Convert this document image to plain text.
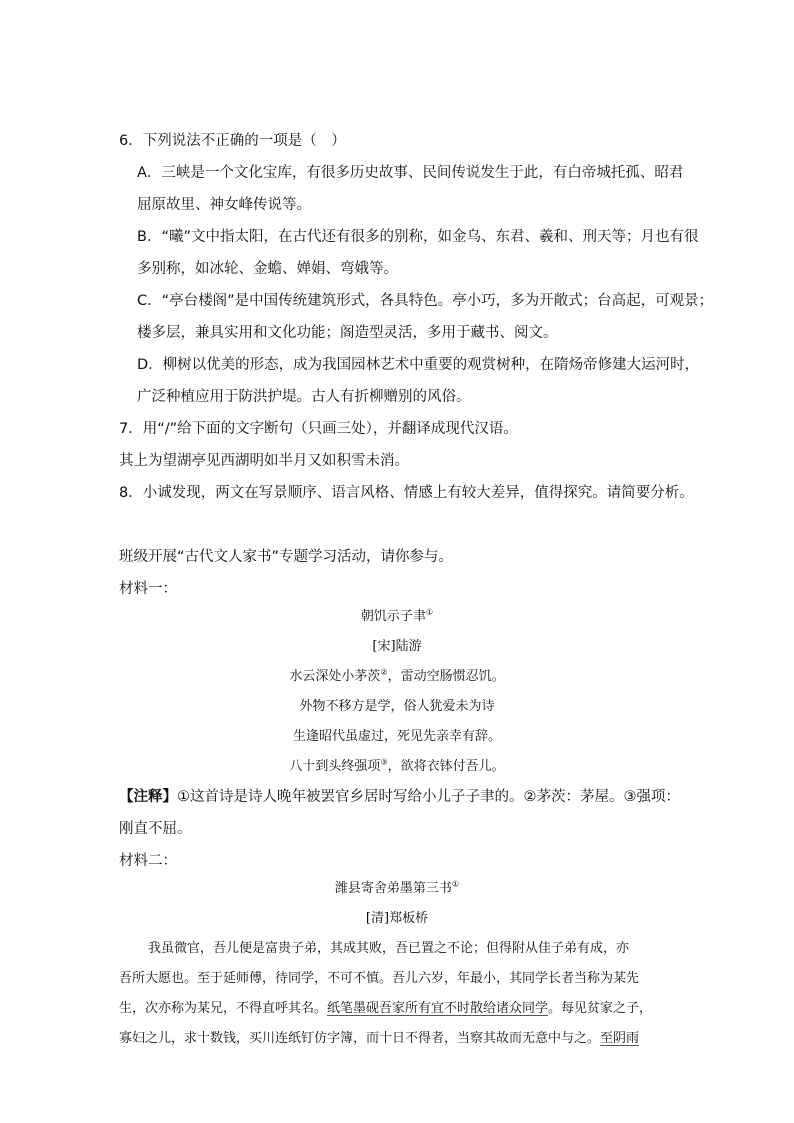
6．下列说法不正确的一项是（　）
A．三峡是一个文化宝库，有很多历史故事、民间传说发生于此，有白帝城托孤、昭君
屈原故里、神女峰传说等。
B．“曦”文中指太阳，在古代还有很多的别称，如金乌、东君、羲和、刑天等；月也有很
多别称，如冰轮、金蟾、婵娟、弯娥等。
C．“亭台楼阁”是中国传统建筑形式，各具特色。亭小巧，多为开敞式；台高起，可观景；
楼多层，兼具实用和文化功能；阁造型灵活，多用于藏书、阅文。
D．柳树以优美的形态，成为我国园林艺术中重要的观赏树种，在隋炀帝修建大运河时，
广泛种植应用于防洪护堤。古人有折柳赠别的风俗。
7．用“/”给下面的文字断句（只画三处），并翻译成现代汉语。
其上为望湖亭见西湖明如半月又如积雪未消。
8．小诚发现，两文在写景顺序、语言风格、情感上有较大差异，值得探究。请简要分析。
班级开展“古代文人家书”专题学习活动，请你参与。
材料一：
朝饥示子聿①
[宋]陆游
水云深处小茅茨②，雷动空肠惯忍饥。
外物不移方是学，俗人犹爱未为诗
生逢昭代虽虚过，死见先亲幸有辞。
八十到头终强项③，欲将衣钵付吾儿。
【注释】①这首诗是诗人晚年被罢官乡居时写给小儿子子聿的。②茅茨：茅屋。③强项：
刚直不屈。
材料二：
潍县寄舍弟墨第三书①
[清]郑板桥
我虽微官，吾儿便是富贵子弟，其成其败，吾已置之不论；但得附从佳子弟有成，亦
吾所大愿也。至于延师傅，待同学，不可不慎。吾儿六岁，年最小，其同学长者当称为某先
生，次亦称为某兄，不得直呼其名。纸笔墨砚吾家所有宜不时散给诸众同学。每见贫家之子，
寡妇之儿，求十数钱，买川连纸钉仿字簿，而十日不得者，当察其故而无意中与之。至阴雨
